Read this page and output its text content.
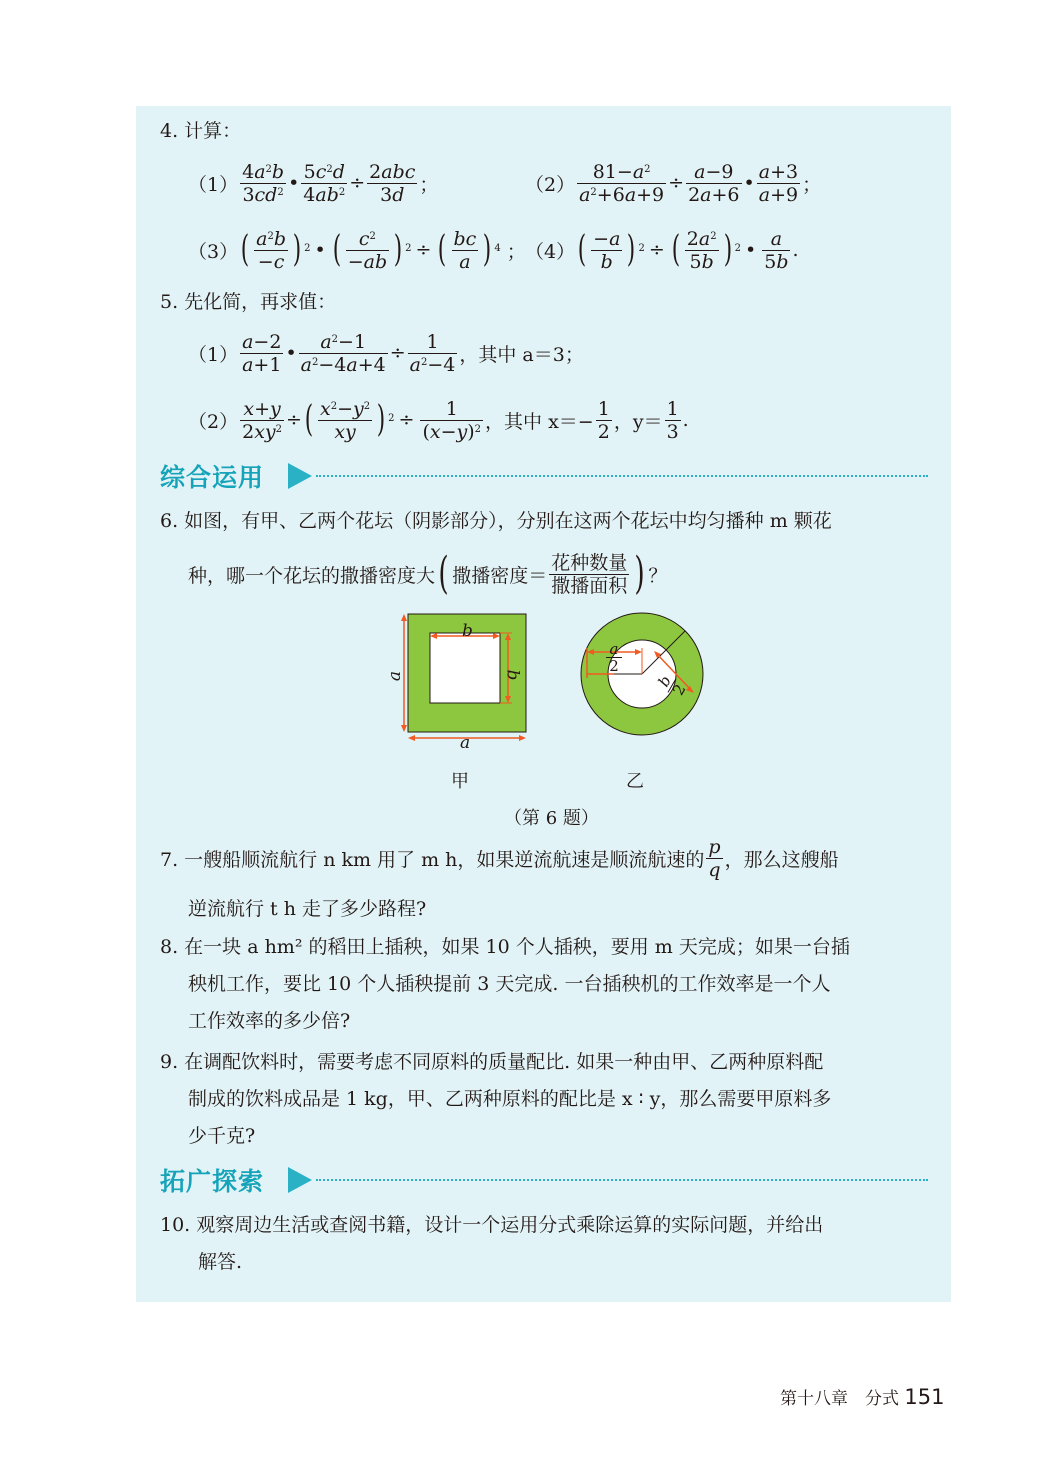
4. 计算：
$(1) \frac{4a^2b}{3cd^2}$ • $\frac{5c^2d}{4ab^2} \div \frac{\text{2abc}}{3d}$ ；	$(2) \frac{81-a^2}{a^2+6a+9} \div \frac{a-9}{2a+6}$ • $\frac{a+3}{a+9}$ ；
（3） ( $\frac{a^2b}{-c}$ ) $^2$ • ( $\frac{c^2}{-ab}$ ) $^2$ ÷ ( $\frac{bc}{a}$ ) $^4$ ； （4） ( $\frac{-a}{b}$ ) $^2$ ÷ ( $\frac{2a^2}{5b}$ ) $^2$ • $\frac{a}{5b}$ .
5. 先化简，再求值：
$(1) \frac{a-2}{a+1}$ • $\frac{a^2-1}{a^2-4a+4} \div \frac{1}{a^2-4}$ ，其中 a＝3；
$(2) \frac{x+y}{2xy^2}$ ÷ ( $\frac{x^2-y^2}{xy}$ ) $^2 \div \frac{1}{(x-y)^2}$ ，其中 $x=- \frac{1}{2}$ ，$y= \frac{1}{3}$ .
综合运用
6. 如图，有甲、乙两个花坛（阴影部分），分别在这两个花坛中均匀播种 m 颗花
种，哪一个花坛的撒播密度大 ( 撒播密度＝ $\frac{\text{花种数量}}{\text{撒播面积}}$ ) ？
b
a	b
a
a
2
b
2
甲	乙
（第 6 题）
7. 一艘船顺流航行 n km 用了 m h，如果逆流航速是顺流航速的 $\frac{p}{q}$ ，那么这艘船
逆流航行 t h 走了多少路程?
8. 在一块 a hm² 的稻田上插秧，如果 10 个人插秧，要用 m 天完成；如果一台插
秧机工作，要比 10 个人插秧提前 3 天完成. 一台插秧机的工作效率是一个人
工作效率的多少倍?
9. 在调配饮料时，需要考虑不同原料的质量配比. 如果一种由甲、乙两种原料配
制成的饮料成品是 1 kg，甲、乙两种原料的配比是 x ∶ y，那么需要甲原料多
少千克?
拓广探索
10. 观察周边生活或查阅书籍，设计一个运用分式乘除运算的实际问题，并给出
解答.
第十八章　分式 151
